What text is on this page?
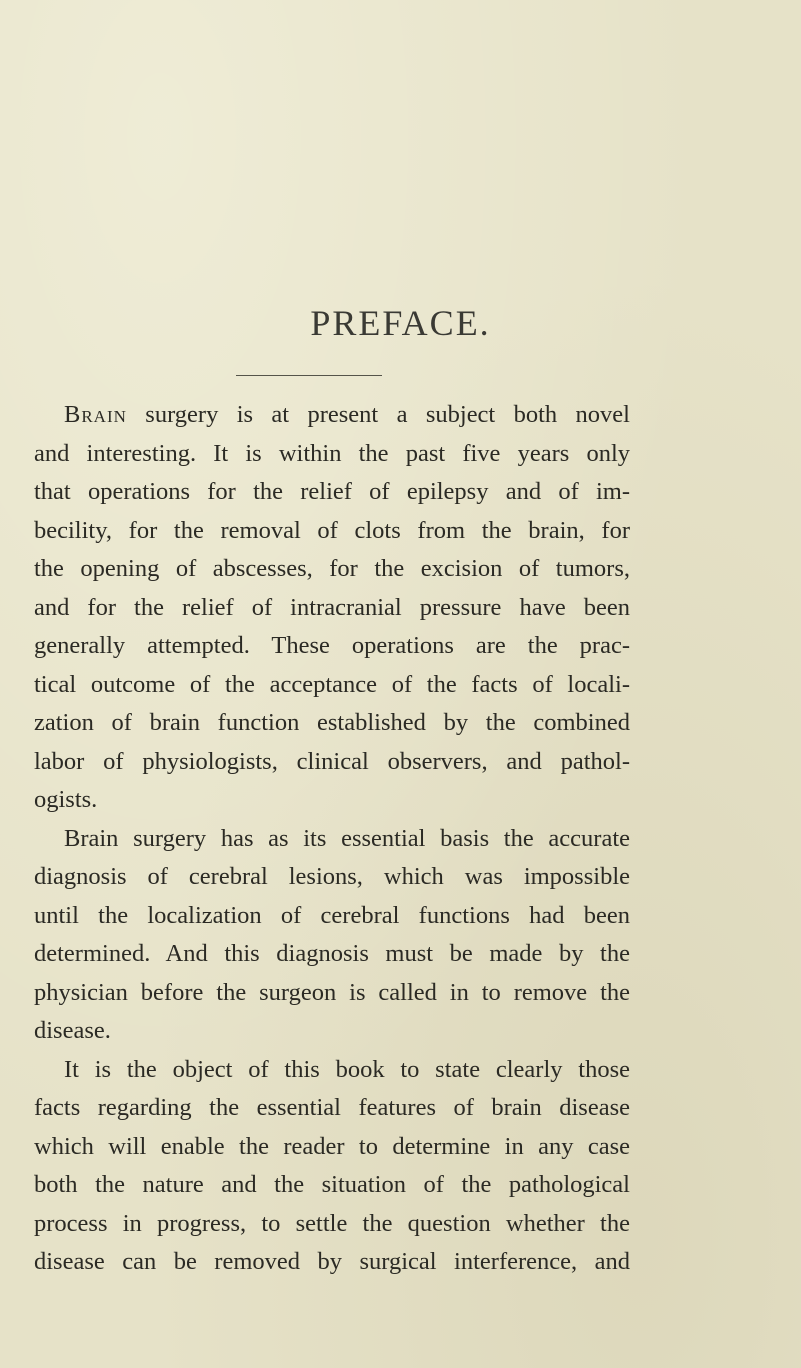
PREFACE.
Brain surgery is at present a subject both novel
and interesting. It is within the past five years only
that operations for the relief of epilepsy and of im-
becility, for the removal of clots from the brain, for
the opening of abscesses, for the excision of tumors,
and for the relief of intracranial pressure have been
generally attempted. These operations are the prac-
tical outcome of the acceptance of the facts of locali-
zation of brain function established by the combined
labor of physiologists, clinical observers, and pathol-
ogists.
Brain surgery has as its essential basis the accurate
diagnosis of cerebral lesions, which was impossible
until the localization of cerebral functions had been
determined. And this diagnosis must be made by the
physician before the surgeon is called in to remove the
disease.
It is the object of this book to state clearly those
facts regarding the essential features of brain disease
which will enable the reader to determine in any case
both the nature and the situation of the pathological
process in progress, to settle the question whether the
disease can be removed by surgical interference, and
